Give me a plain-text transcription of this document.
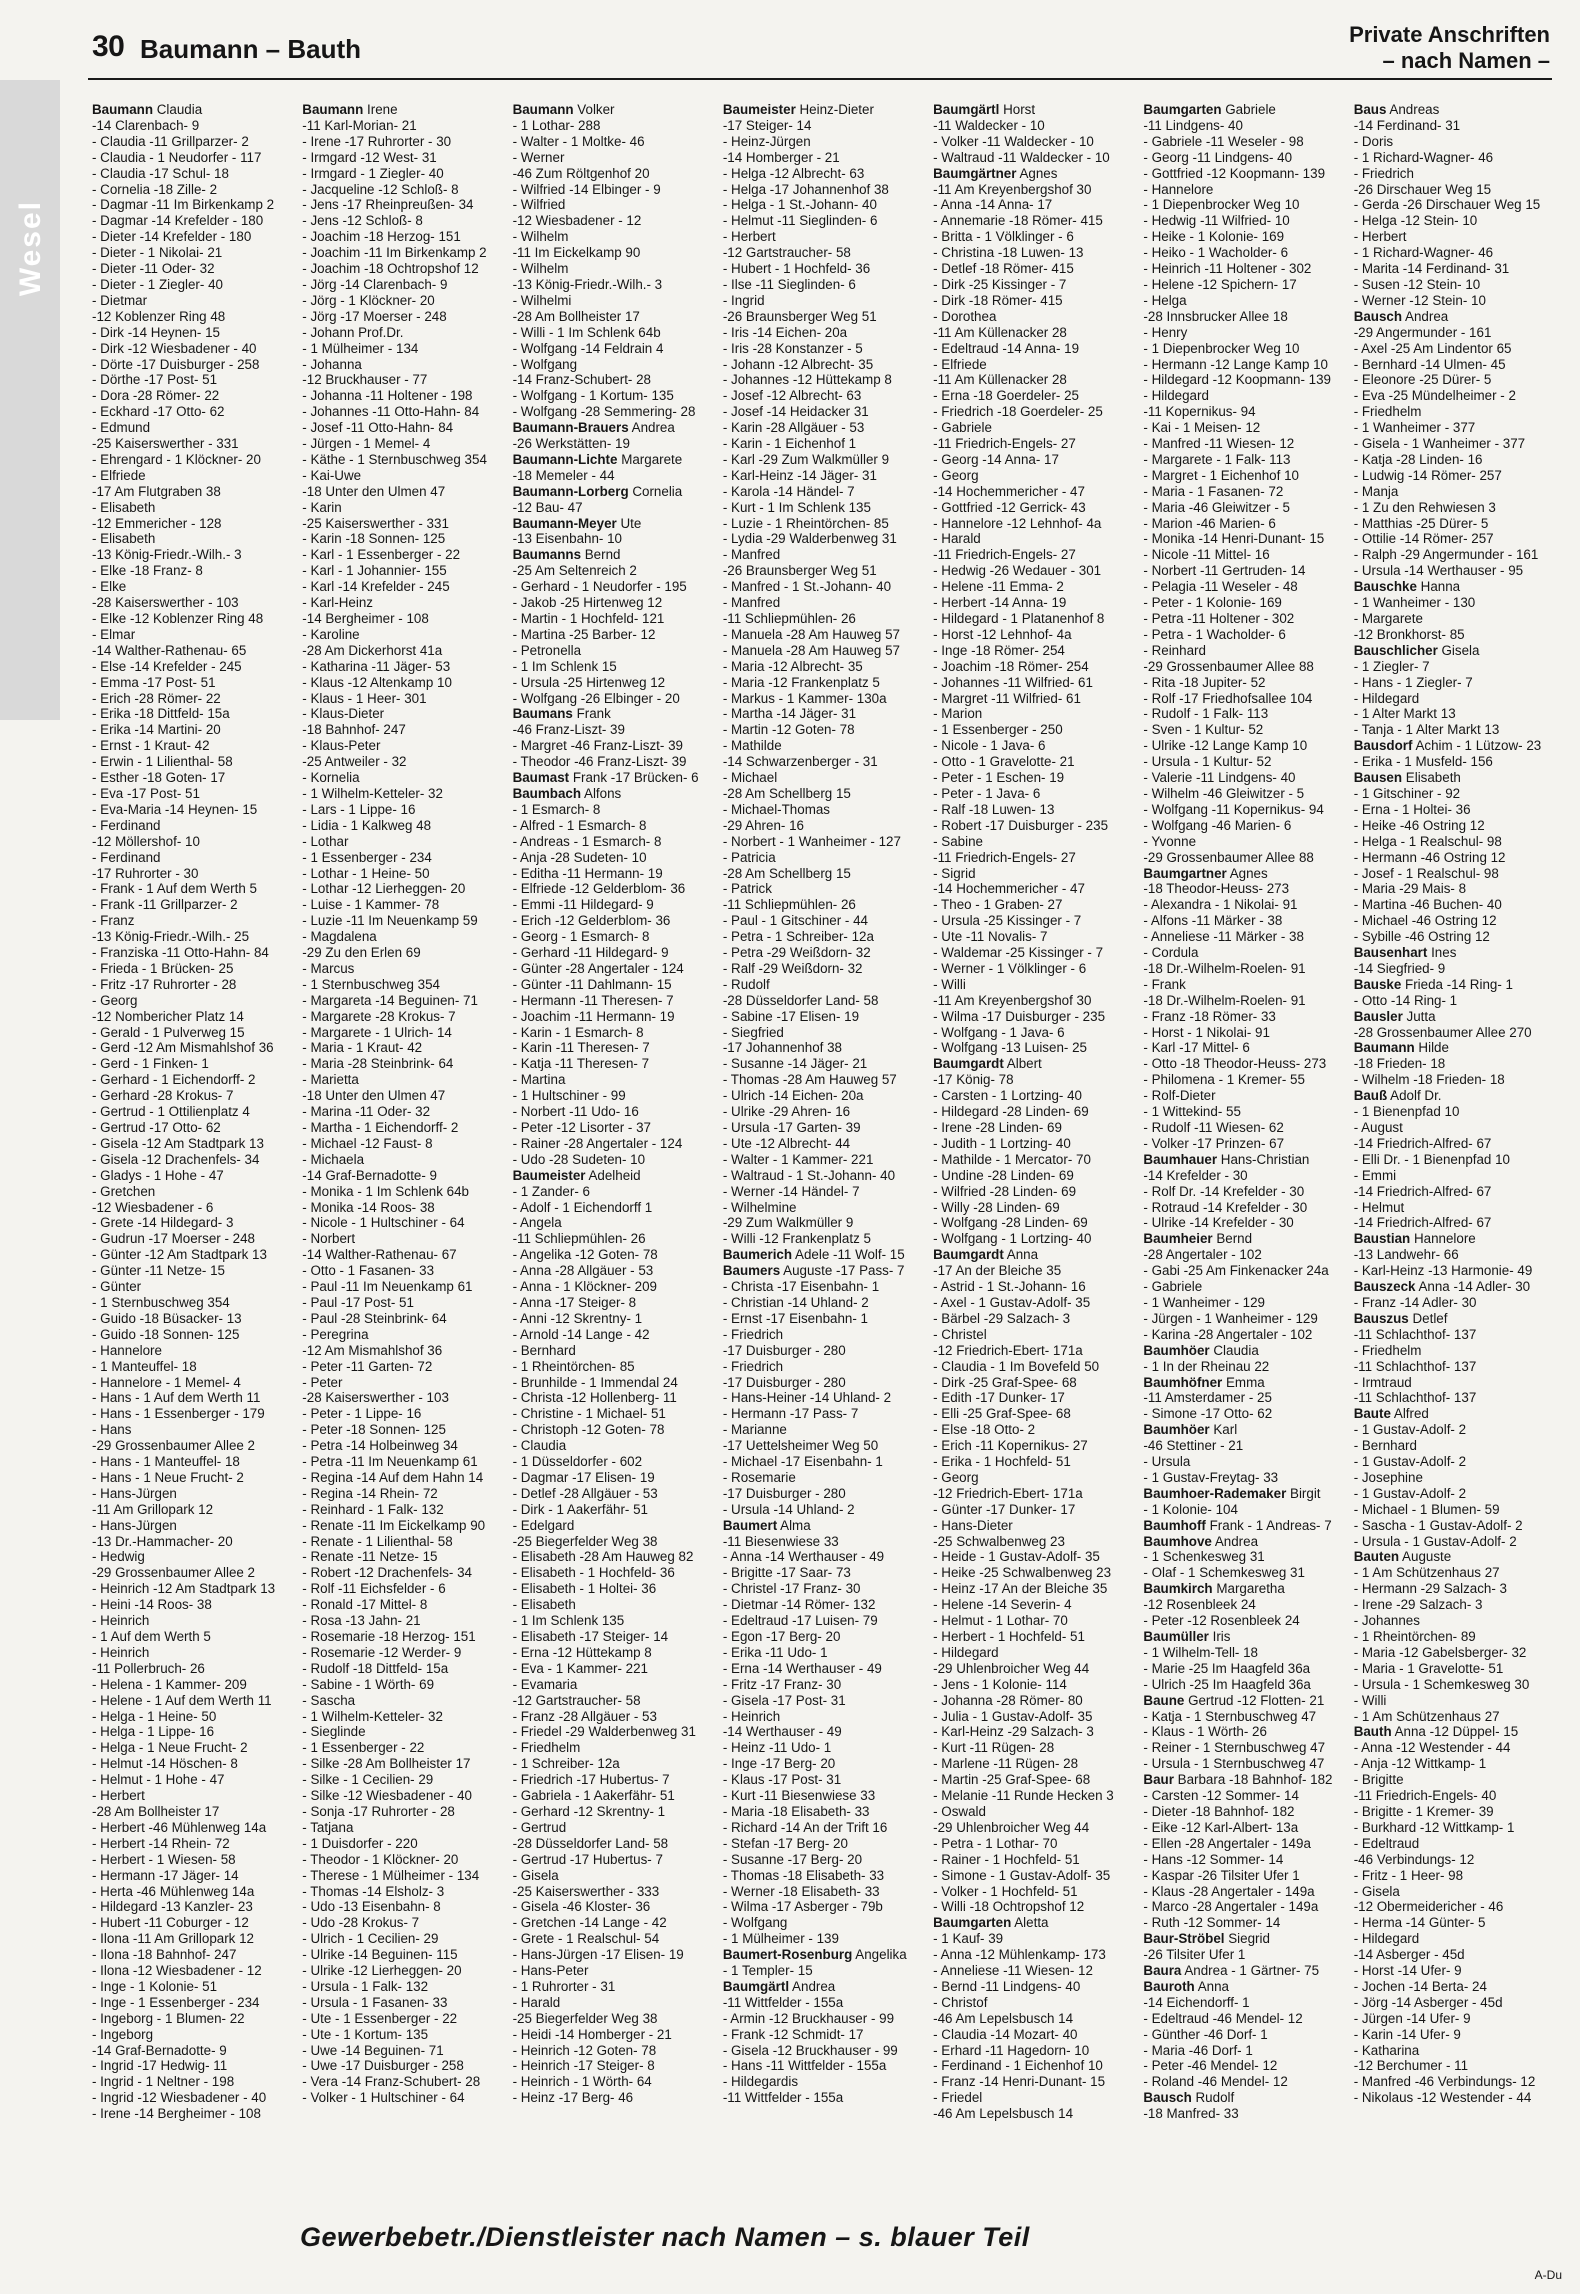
Wesel
30 Baumann – Bauth	Private Anschriften
– nach Namen –
Baumann Claudia
-14 Clarenbach- 9
- Claudia -11 Grillparzer- 2
- Claudia - 1 Neudorfer - 117
- Claudia -17 Schul- 18
- Cornelia -18 Zille- 2
- Dagmar -11 Im Birkenkamp 2
- Dagmar -14 Krefelder - 180
- Dieter -14 Krefelder - 180
- Dieter - 1 Nikolai- 21
- Dieter -11 Oder- 32
- Dieter - 1 Ziegler- 40
- Dietmar
-12 Koblenzer Ring 48
- Dirk -14 Heynen- 15
- Dirk -12 Wiesbadener - 40
- Dörte -17 Duisburger - 258
- Dörthe -17 Post- 51
- Dora -28 Römer- 22
- Eckhard -17 Otto- 62
- Edmund
-25 Kaiserswerther - 331
- Ehrengard - 1 Klöckner- 20
- Elfriede
-17 Am Flutgraben 38
- Elisabeth
-12 Emmericher - 128
- Elisabeth
-13 König-Friedr.-Wilh.- 3
- Elke -18 Franz- 8
- Elke
-28 Kaiserswerther - 103
- Elke -12 Koblenzer Ring 48
- Elmar
-14 Walther-Rathenau- 65
- Else -14 Krefelder - 245
- Emma -17 Post- 51
- Erich -28 Römer- 22
- Erika -18 Dittfeld- 15a
- Erika -14 Martini- 20
- Ernst - 1 Kraut- 42
- Erwin - 1 Lilienthal- 58
- Esther -18 Goten- 17
- Eva -17 Post- 51
- Eva-Maria -14 Heynen- 15
- Ferdinand
-12 Möllershof- 10
- Ferdinand
-17 Ruhrorter - 30
- Frank - 1 Auf dem Werth 5
- Frank -11 Grillparzer- 2
- Franz
-13 König-Friedr.-Wilh.- 25
- Franziska -11 Otto-Hahn- 84
- Frieda - 1 Brücken- 25
- Fritz -17 Ruhrorter - 28
- Georg
-12 Nombericher Platz 14
- Gerald - 1 Pulverweg 15
- Gerd -12 Am Mismahlshof 36
- Gerd - 1 Finken- 1
- Gerhard - 1 Eichendorff- 2
- Gerhard -28 Krokus- 7
- Gertrud - 1 Ottilienplatz 4
- Gertrud -17 Otto- 62
- Gisela -12 Am Stadtpark 13
- Gisela -12 Drachenfels- 34
- Gladys - 1 Hohe - 47
- Gretchen
-12 Wiesbadener - 6
- Grete -14 Hildegard- 3
- Gudrun -17 Moerser - 248
- Günter -12 Am Stadtpark 13
- Günter -11 Netze- 15
- Günter
- 1 Sternbuschweg 354
- Guido -18 Büsacker- 13
- Guido -18 Sonnen- 125
- Hannelore
- 1 Manteuffel- 18
- Hannelore - 1 Memel- 4
- Hans - 1 Auf dem Werth 11
- Hans - 1 Essenberger - 179
- Hans
-29 Grossenbaumer Allee 2
- Hans - 1 Manteuffel- 18
- Hans - 1 Neue Frucht- 2
- Hans-Jürgen
-11 Am Grillopark 12
- Hans-Jürgen
-13 Dr.-Hammacher- 20
- Hedwig
-29 Grossenbaumer Allee 2
- Heinrich -12 Am Stadtpark 13
- Heini -14 Roos- 38
- Heinrich
- 1 Auf dem Werth 5
- Heinrich
-11 Pollerbruch- 26
- Helena - 1 Kammer- 209
- Helene - 1 Auf dem Werth 11
- Helga - 1 Heine- 50
- Helga - 1 Lippe- 16
- Helga - 1 Neue Frucht- 2
- Helmut -14 Höschen- 8
- Helmut - 1 Hohe - 47
- Herbert
-28 Am Bollheister 17
- Herbert -46 Mühlenweg 14a
- Herbert -14 Rhein- 72
- Herbert - 1 Wiesen- 58
- Hermann -17 Jäger- 14
- Herta -46 Mühlenweg 14a
- Hildegard -13 Kanzler- 23
- Hubert -11 Coburger - 12
- Ilona -11 Am Grillopark 12
- Ilona -18 Bahnhof- 247
- Ilona -12 Wiesbadener - 12
- Inge - 1 Kolonie- 51
- Inge - 1 Essenberger - 234
- Ingeborg - 1 Blumen- 22
- Ingeborg
-14 Graf-Bernadotte- 9
- Ingrid -17 Hedwig- 11
- Ingrid - 1 Neltner - 198
- Ingrid -12 Wiesbadener - 40
- Irene -14 Bergheimer - 108
Baumann Irene
-11 Karl-Morian- 21
- Irene -17 Ruhrorter - 30
- Irmgard -12 West- 31
- Irmgard - 1 Ziegler- 40
- Jacqueline -12 Schloß- 8
- Jens -17 Rheinpreußen- 34
- Jens -12 Schloß- 8
- Joachim -18 Herzog- 151
- Joachim -11 Im Birkenkamp 2
- Joachim -18 Ochtropshof 12
- Jörg -14 Clarenbach- 9
- Jörg - 1 Klöckner- 20
- Jörg -17 Moerser - 248
- Johann Prof.Dr.
- 1 Mülheimer - 134
- Johanna
-12 Bruckhauser - 77
- Johanna -11 Holtener - 198
- Johannes -11 Otto-Hahn- 84
- Josef -11 Otto-Hahn- 84
- Jürgen - 1 Memel- 4
- Käthe - 1 Sternbuschweg 354
- Kai-Uwe
-18 Unter den Ulmen 47
- Karin
-25 Kaiserswerther - 331
- Karin -18 Sonnen- 125
- Karl - 1 Essenberger - 22
- Karl - 1 Johannier- 155
- Karl -14 Krefelder - 245
- Karl-Heinz
-14 Bergheimer - 108
- Karoline
-28 Am Dickerhorst 41a
- Katharina -11 Jäger- 53
- Klaus -12 Altenkamp 10
- Klaus - 1 Heer- 301
- Klaus-Dieter
-18 Bahnhof- 247
- Klaus-Peter
-25 Antweiler - 32
- Kornelia
- 1 Wilhelm-Ketteler- 32
- Lars - 1 Lippe- 16
- Lidia - 1 Kalkweg 48
- Lothar
- 1 Essenberger - 234
- Lothar - 1 Heine- 50
- Lothar -12 Lierheggen- 20
- Luise - 1 Kammer- 78
- Luzie -11 Im Neuenkamp 59
- Magdalena
-29 Zu den Erlen 69
- Marcus
- 1 Sternbuschweg 354
- Margareta -14 Beguinen- 71
- Margarete -28 Krokus- 7
- Margarete - 1 Ulrich- 14
- Maria - 1 Kraut- 42
- Maria -28 Steinbrink- 64
- Marietta
-18 Unter den Ulmen 47
- Marina -11 Oder- 32
- Martha - 1 Eichendorff- 2
- Michael -12 Faust- 8
- Michaela
-14 Graf-Bernadotte- 9
- Monika - 1 Im Schlenk 64b
- Monika -14 Roos- 38
- Nicole - 1 Hultschiner - 64
- Norbert
-14 Walther-Rathenau- 67
- Otto - 1 Fasanen- 33
- Paul -11 Im Neuenkamp 61
- Paul -17 Post- 51
- Paul -28 Steinbrink- 64
- Peregrina
-12 Am Mismahlshof 36
- Peter -11 Garten- 72
- Peter
-28 Kaiserswerther - 103
- Peter - 1 Lippe- 16
- Peter -18 Sonnen- 125
- Petra -14 Holbeinweg 34
- Petra -11 Im Neuenkamp 61
- Regina -14 Auf dem Hahn 14
- Regina -14 Rhein- 72
- Reinhard - 1 Falk- 132
- Renate -11 Im Eickelkamp 90
- Renate - 1 Lilienthal- 58
- Renate -11 Netze- 15
- Robert -12 Drachenfels- 34
- Rolf -11 Eichsfelder - 6
- Ronald -17 Mittel- 8
- Rosa -13 Jahn- 21
- Rosemarie -18 Herzog- 151
- Rosemarie -12 Werder- 9
- Rudolf -18 Dittfeld- 15a
- Sabine - 1 Wörth- 69
- Sascha
- 1 Wilhelm-Ketteler- 32
- Sieglinde
- 1 Essenberger - 22
- Silke -28 Am Bollheister 17
- Silke - 1 Cecilien- 29
- Silke -12 Wiesbadener - 40
- Sonja -17 Ruhrorter - 28
- Tatjana
- 1 Duisdorfer - 220
- Theodor - 1 Klöckner- 20
- Therese - 1 Mülheimer - 134
- Thomas -14 Elsholz- 3
- Udo -13 Eisenbahn- 8
- Udo -28 Krokus- 7
- Ulrich - 1 Cecilien- 29
- Ulrike -14 Beguinen- 115
- Ulrike -12 Lierheggen- 20
- Ursula - 1 Falk- 132
- Ursula - 1 Fasanen- 33
- Ute - 1 Essenberger - 22
- Ute - 1 Kortum- 135
- Uwe -14 Beguinen- 71
- Uwe -17 Duisburger - 258
- Vera -14 Franz-Schubert- 28
- Volker - 1 Hultschiner - 64
Baumann Volker
- 1 Lothar- 288
- Walter - 1 Moltke- 46
- Werner
-46 Zum Röltgenhof 20
- Wilfried -14 Elbinger - 9
- Wilfried
-12 Wiesbadener - 12
- Wilhelm
-11 Im Eickelkamp 90
- Wilhelm
-13 König-Friedr.-Wilh.- 3
- Wilhelmi
-28 Am Bollheister 17
- Willi - 1 Im Schlenk 64b
- Wolfgang -14 Feldrain 4
- Wolfgang
-14 Franz-Schubert- 28
- Wolfgang - 1 Kortum- 135
- Wolfgang -28 Semmering- 28
Baumann-Brauers Andrea
-26 Werkstätten- 19
Baumann-Lichte Margarete
-18 Memeler - 44
Baumann-Lorberg Cornelia
-12 Bau- 47
Baumann-Meyer Ute
-13 Eisenbahn- 10
Baumanns Bernd
-25 Am Seltenreich 2
- Gerhard - 1 Neudorfer - 195
- Jakob -25 Hirtenweg 12
- Martin - 1 Hochfeld- 121
- Martina -25 Barber- 12
- Petronella
- 1 Im Schlenk 15
- Ursula -25 Hirtenweg 12
- Wolfgang -26 Elbinger - 20
Baumans Frank
-46 Franz-Liszt- 39
- Margret -46 Franz-Liszt- 39
- Theodor -46 Franz-Liszt- 39
Baumast Frank -17 Brücken- 6
Baumbach Alfons
- 1 Esmarch- 8
- Alfred - 1 Esmarch- 8
- Andreas - 1 Esmarch- 8
- Anja -28 Sudeten- 10
- Editha -11 Hermann- 19
- Elfriede -12 Gelderblom- 36
- Emmi -11 Hildegard- 9
- Erich -12 Gelderblom- 36
- Georg - 1 Esmarch- 8
- Gerhard -11 Hildegard- 9
- Günter -28 Angertaler - 124
- Günter -11 Dahlmann- 15
- Hermann -11 Theresen- 7
- Joachim -11 Hermann- 19
- Karin - 1 Esmarch- 8
- Karin -11 Theresen- 7
- Katja -11 Theresen- 7
- Martina
- 1 Hultschiner - 99
- Norbert -11 Udo- 16
- Peter -12 Lisorter - 37
- Rainer -28 Angertaler - 124
- Udo -28 Sudeten- 10
Baumeister Adelheid
- 1 Zander- 6
- Adolf - 1 Eichendorff 1
- Angela
-11 Schliepmühlen- 26
- Angelika -12 Goten- 78
- Anna -28 Allgäuer - 53
- Anna - 1 Klöckner- 209
- Anna -17 Steiger- 8
- Anni -12 Skrentny- 1
- Arnold -14 Lange - 42
- Bernhard
- 1 Rheintörchen- 85
- Brunhilde - 1 Immendal 24
- Christa -12 Hollenberg- 11
- Christine - 1 Michael- 51
- Christoph -12 Goten- 78
- Claudia
- 1 Düsseldorfer - 602
- Dagmar -17 Elisen- 19
- Detlef -28 Allgäuer - 53
- Dirk - 1 Aakerfähr- 51
- Edelgard
-25 Biegerfelder Weg 38
- Elisabeth -28 Am Hauweg 82
- Elisabeth - 1 Hochfeld- 36
- Elisabeth - 1 Holtei- 36
- Elisabeth
- 1 Im Schlenk 135
- Elisabeth -17 Steiger- 14
- Erna -12 Hüttekamp 8
- Eva - 1 Kammer- 221
- Evamaria
-12 Gartstraucher- 58
- Franz -28 Allgäuer - 53
- Friedel -29 Walderbenweg 31
- Friedhelm
- 1 Schreiber- 12a
- Friedrich -17 Hubertus- 7
- Gabriela - 1 Aakerfähr- 51
- Gerhard -12 Skrentny- 1
- Gertrud
-28 Düsseldorfer Land- 58
- Gertrud -17 Hubertus- 7
- Gisela
-25 Kaiserswerther - 333
- Gisela -46 Kloster- 36
- Gretchen -14 Lange - 42
- Grete - 1 Realschul- 54
- Hans-Jürgen -17 Elisen- 19
- Hans-Peter
- 1 Ruhrorter - 31
- Harald
-25 Biegerfelder Weg 38
- Heidi -14 Homberger - 21
- Heinrich -12 Goten- 78
- Heinrich -17 Steiger- 8
- Heinrich - 1 Wörth- 64
- Heinz -17 Berg- 46
Baumeister Heinz-Dieter
-17 Steiger- 14
- Heinz-Jürgen
-14 Homberger - 21
- Helga -12 Albrecht- 63
- Helga -17 Johannenhof 38
- Helga - 1 St.-Johann- 40
- Helmut -11 Sieglinden- 6
- Herbert
-12 Gartstraucher- 58
- Hubert - 1 Hochfeld- 36
- Ilse -11 Sieglinden- 6
- Ingrid
-26 Braunsberger Weg 51
- Iris -14 Eichen- 20a
- Iris -28 Konstanzer - 5
- Johann -12 Albrecht- 35
- Johannes -12 Hüttekamp 8
- Josef -12 Albrecht- 63
- Josef -14 Heidacker 31
- Karin -28 Allgäuer - 53
- Karin - 1 Eichenhof 1
- Karl -29 Zum Walkmüller 9
- Karl-Heinz -14 Jäger- 31
- Karola -14 Händel- 7
- Kurt - 1 Im Schlenk 135
- Luzie - 1 Rheintörchen- 85
- Lydia -29 Walderbenweg 31
- Manfred
-26 Braunsberger Weg 51
- Manfred - 1 St.-Johann- 40
- Manfred
-11 Schliepmühlen- 26
- Manuela -28 Am Hauweg 57
- Manuela -28 Am Hauweg 57
- Maria -12 Albrecht- 35
- Maria -12 Frankenplatz 5
- Markus - 1 Kammer- 130a
- Martha -14 Jäger- 31
- Martin -12 Goten- 78
- Mathilde
-14 Schwarzenberger - 31
- Michael
-28 Am Schellberg 15
- Michael-Thomas
-29 Ahren- 16
- Norbert - 1 Wanheimer - 127
- Patricia
-28 Am Schellberg 15
- Patrick
-11 Schliepmühlen- 26
- Paul - 1 Gitschiner - 44
- Petra - 1 Schreiber- 12a
- Petra -29 Weißdorn- 32
- Ralf -29 Weißdorn- 32
- Rudolf
-28 Düsseldorfer Land- 58
- Sabine -17 Elisen- 19
- Siegfried
-17 Johannenhof 38
- Susanne -14 Jäger- 21
- Thomas -28 Am Hauweg 57
- Ulrich -14 Eichen- 20a
- Ulrike -29 Ahren- 16
- Ursula -17 Garten- 39
- Ute -12 Albrecht- 44
- Walter - 1 Kammer- 221
- Waltraud - 1 St.-Johann- 40
- Werner -14 Händel- 7
- Wilhelmine
-29 Zum Walkmüller 9
- Willi -12 Frankenplatz 5
Baumerich Adele -11 Wolf- 15
Baumers Auguste -17 Pass- 7
- Christa -17 Eisenbahn- 1
- Christian -14 Uhland- 2
- Ernst -17 Eisenbahn- 1
- Friedrich
-17 Duisburger - 280
- Friedrich
-17 Duisburger - 280
- Hans-Heiner -14 Uhland- 2
- Hermann -17 Pass- 7
- Marianne
-17 Uettelsheimer Weg 50
- Michael -17 Eisenbahn- 1
- Rosemarie
-17 Duisburger - 280
- Ursula -14 Uhland- 2
Baumert Alma
-11 Biesenwiese 33
- Anna -14 Werthauser - 49
- Brigitte -17 Saar- 73
- Christel -17 Franz- 30
- Dietmar -14 Römer- 132
- Edeltraud -17 Luisen- 79
- Egon -17 Berg- 20
- Erika -11 Udo- 1
- Erna -14 Werthauser - 49
- Fritz -17 Franz- 30
- Gisela -17 Post- 31
- Heinrich
-14 Werthauser - 49
- Heinz -11 Udo- 1
- Inge -17 Berg- 20
- Klaus -17 Post- 31
- Kurt -11 Biesenwiese 33
- Maria -18 Elisabeth- 33
- Richard -14 An der Trift 16
- Stefan -17 Berg- 20
- Susanne -17 Berg- 20
- Thomas -18 Elisabeth- 33
- Werner -18 Elisabeth- 33
- Wilma -17 Asberger - 79b
- Wolfgang
- 1 Mülheimer - 139
Baumert-Rosenburg Angelika
- 1 Templer- 15
Baumgärtl Andrea
-11 Wittfelder - 155a
- Armin -12 Bruckhauser - 99
- Frank -12 Schmidt- 17
- Gisela -12 Bruckhauser - 99
- Hans -11 Wittfelder - 155a
- Hildegardis
-11 Wittfelder - 155a
Baumgärtl Horst
-11 Waldecker - 10
- Volker -11 Waldecker - 10
- Waltraud -11 Waldecker - 10
Baumgärtner Agnes
-11 Am Kreyenbergshof 30
- Anna -14 Anna- 17
- Annemarie -18 Römer- 415
- Britta - 1 Völklinger - 6
- Christina -18 Luwen- 13
- Detlef -18 Römer- 415
- Dirk -25 Kissinger - 7
- Dirk -18 Römer- 415
- Dorothea
-11 Am Küllenacker 28
- Edeltraud -14 Anna- 19
- Elfriede
-11 Am Küllenacker 28
- Erna -18 Goerdeler- 25
- Friedrich -18 Goerdeler- 25
- Gabriele
-11 Friedrich-Engels- 27
- Georg -14 Anna- 17
- Georg
-14 Hochemmericher - 47
- Gottfried -12 Gerrick- 43
- Hannelore -12 Lehnhof- 4a
- Harald
-11 Friedrich-Engels- 27
- Hedwig -26 Wedauer - 301
- Helene -11 Emma- 2
- Herbert -14 Anna- 19
- Hildegard - 1 Platanenhof 8
- Horst -12 Lehnhof- 4a
- Inge -18 Römer- 254
- Joachim -18 Römer- 254
- Johannes -11 Wilfried- 61
- Margret -11 Wilfried- 61
- Marion
- 1 Essenberger - 250
- Nicole - 1 Java- 6
- Otto - 1 Gravelotte- 21
- Peter - 1 Eschen- 19
- Peter - 1 Java- 6
- Ralf -18 Luwen- 13
- Robert -17 Duisburger - 235
- Sabine
-11 Friedrich-Engels- 27
- Sigrid
-14 Hochemmericher - 47
- Theo - 1 Graben- 27
- Ursula -25 Kissinger - 7
- Ute -11 Novalis- 7
- Waldemar -25 Kissinger - 7
- Werner - 1 Völklinger - 6
- Willi
-11 Am Kreyenbergshof 30
- Wilma -17 Duisburger - 235
- Wolfgang - 1 Java- 6
- Wolfgang -13 Luisen- 25
Baumgardt Albert
-17 König- 78
- Carsten - 1 Lortzing- 40
- Hildegard -28 Linden- 69
- Irene -28 Linden- 69
- Judith - 1 Lortzing- 40
- Mathilde - 1 Mercator- 70
- Undine -28 Linden- 69
- Wilfried -28 Linden- 69
- Willy -28 Linden- 69
- Wolfgang -28 Linden- 69
- Wolfgang - 1 Lortzing- 40
Baumgardt Anna
-17 An der Bleiche 35
- Astrid - 1 St.-Johann- 16
- Axel - 1 Gustav-Adolf- 35
- Bärbel -29 Salzach- 3
- Christel
-12 Friedrich-Ebert- 171a
- Claudia - 1 Im Bovefeld 50
- Dirk -25 Graf-Spee- 68
- Edith -17 Dunker- 17
- Elli -25 Graf-Spee- 68
- Else -18 Otto- 2
- Erich -11 Kopernikus- 27
- Erika - 1 Hochfeld- 51
- Georg
-12 Friedrich-Ebert- 171a
- Günter -17 Dunker- 17
- Hans-Dieter
-25 Schwalbenweg 23
- Heide - 1 Gustav-Adolf- 35
- Heike -25 Schwalbenweg 23
- Heinz -17 An der Bleiche 35
- Helene -14 Severin- 4
- Helmut - 1 Lothar- 70
- Herbert - 1 Hochfeld- 51
- Hildegard
-29 Uhlenbroicher Weg 44
- Jens - 1 Kolonie- 114
- Johanna -28 Römer- 80
- Julia - 1 Gustav-Adolf- 35
- Karl-Heinz -29 Salzach- 3
- Kurt -11 Rügen- 28
- Marlene -11 Rügen- 28
- Martin -25 Graf-Spee- 68
- Melanie -11 Runde Hecken 3
- Oswald
-29 Uhlenbroicher Weg 44
- Petra - 1 Lothar- 70
- Rainer - 1 Hochfeld- 51
- Simone - 1 Gustav-Adolf- 35
- Volker - 1 Hochfeld- 51
- Willi -18 Ochtropshof 12
Baumgarten Aletta
- 1 Kauf- 39
- Anna -12 Mühlenkamp- 173
- Anneliese -11 Wiesen- 12
- Bernd -11 Lindgens- 40
- Christof
-46 Am Lepelsbusch 14
- Claudia -14 Mozart- 40
- Erhard -11 Hagedorn- 10
- Ferdinand - 1 Eichenhof 10
- Franz -14 Henri-Dunant- 15
- Friedel
-46 Am Lepelsbusch 14
Baumgarten Gabriele
-11 Lindgens- 40
- Gabriele -11 Weseler - 98
- Georg -11 Lindgens- 40
- Gottfried -12 Koopmann- 139
- Hannelore
- 1 Diepenbrocker Weg 10
- Hedwig -11 Wilfried- 10
- Heike - 1 Kolonie- 169
- Heiko - 1 Wacholder- 6
- Heinrich -11 Holtener - 302
- Helene -12 Spichern- 17
- Helga
-28 Innsbrucker Allee 18
- Henry
- 1 Diepenbrocker Weg 10
- Hermann -12 Lange Kamp 10
- Hildegard -12 Koopmann- 139
- Hildegard
-11 Kopernikus- 94
- Kai - 1 Meisen- 12
- Manfred -11 Wiesen- 12
- Margarete - 1 Falk- 113
- Margret - 1 Eichenhof 10
- Maria - 1 Fasanen- 72
- Maria -46 Gleiwitzer - 5
- Marion -46 Marien- 6
- Monika -14 Henri-Dunant- 15
- Nicole -11 Mittel- 16
- Norbert -11 Gertruden- 14
- Pelagia -11 Weseler - 48
- Peter - 1 Kolonie- 169
- Petra -11 Holtener - 302
- Petra - 1 Wacholder- 6
- Reinhard
-29 Grossenbaumer Allee 88
- Rita -18 Jupiter- 52
- Rolf -17 Friedhofsallee 104
- Rudolf - 1 Falk- 113
- Sven - 1 Kultur- 52
- Ulrike -12 Lange Kamp 10
- Ursula - 1 Kultur- 52
- Valerie -11 Lindgens- 40
- Wilhelm -46 Gleiwitzer - 5
- Wolfgang -11 Kopernikus- 94
- Wolfgang -46 Marien- 6
- Yvonne
-29 Grossenbaumer Allee 88
Baumgartner Agnes
-18 Theodor-Heuss- 273
- Alexandra - 1 Nikolai- 91
- Alfons -11 Märker - 38
- Anneliese -11 Märker - 38
- Cordula
-18 Dr.-Wilhelm-Roelen- 91
- Frank
-18 Dr.-Wilhelm-Roelen- 91
- Franz -18 Römer- 33
- Horst - 1 Nikolai- 91
- Karl -17 Mittel- 6
- Otto -18 Theodor-Heuss- 273
- Philomena - 1 Kremer- 55
- Rolf-Dieter
- 1 Wittekind- 55
- Rudolf -11 Wiesen- 62
- Volker -17 Prinzen- 67
Baumhauer Hans-Christian
-14 Krefelder - 30
- Rolf Dr. -14 Krefelder - 30
- Rotraud -14 Krefelder - 30
- Ulrike -14 Krefelder - 30
Baumheier Bernd
-28 Angertaler - 102
- Gabi -25 Am Finkenacker 24a
- Gabriele
- 1 Wanheimer - 129
- Jürgen - 1 Wanheimer - 129
- Karina -28 Angertaler - 102
Baumhöer Claudia
- 1 In der Rheinau 22
Baumhöfner Emma
-11 Amsterdamer - 25
- Simone -17 Otto- 62
Baumhöer Karl
-46 Stettiner - 21
- Ursula
- 1 Gustav-Freytag- 33
Baumhoer-Rademaker Birgit
- 1 Kolonie- 104
Baumhoff Frank - 1 Andreas- 7
Baumhove Andrea
- 1 Schenkesweg 31
- Olaf - 1 Schemkesweg 31
Baumkirch Margaretha
-12 Rosenbleek 24
- Peter -12 Rosenbleek 24
Baumüller Iris
- 1 Wilhelm-Tell- 18
- Marie -25 Im Haagfeld 36a
- Ulrich -25 Im Haagfeld 36a
Baune Gertrud -12 Flotten- 21
- Katja - 1 Sternbuschweg 47
- Klaus - 1 Wörth- 26
- Reiner - 1 Sternbuschweg 47
- Ursula - 1 Sternbuschweg 47
Baur Barbara -18 Bahnhof- 182
- Carsten -12 Sommer- 14
- Dieter -18 Bahnhof- 182
- Eike -12 Karl-Albert- 13a
- Ellen -28 Angertaler - 149a
- Hans -12 Sommer- 14
- Kaspar -26 Tilsiter Ufer 1
- Klaus -28 Angertaler - 149a
- Marco -28 Angertaler - 149a
- Ruth -12 Sommer- 14
Baur-Ströbel Siegrid
-26 Tilsiter Ufer 1
Baura Andrea - 1 Gärtner- 75
Bauroth Anna
-14 Eichendorff- 1
- Edeltraud -46 Mendel- 12
- Günther -46 Dorf- 1
- Maria -46 Dorf- 1
- Peter -46 Mendel- 12
- Roland -46 Mendel- 12
Bausch Rudolf
-18 Manfred- 33
Baus Andreas
-14 Ferdinand- 31
- Doris
- 1 Richard-Wagner- 46
- Friedrich
-26 Dirschauer Weg 15
- Gerda -26 Dirschauer Weg 15
- Helga -12 Stein- 10
- Herbert
- 1 Richard-Wagner- 46
- Marita -14 Ferdinand- 31
- Susen -12 Stein- 10
- Werner -12 Stein- 10
Bausch Andrea
-29 Angermunder - 161
- Axel -25 Am Lindentor 65
- Bernhard -14 Ulmen- 45
- Eleonore -25 Dürer- 5
- Eva -25 Mündelheimer - 2
- Friedhelm
- 1 Wanheimer - 377
- Gisela - 1 Wanheimer - 377
- Katja -28 Linden- 16
- Ludwig -14 Römer- 257
- Manja
- 1 Zu den Rehwiesen 3
- Matthias -25 Dürer- 5
- Ottilie -14 Römer- 257
- Ralph -29 Angermunder - 161
- Ursula -14 Werthauser - 95
Bauschke Hanna
- 1 Wanheimer - 130
- Margarete
-12 Bronkhorst- 85
Bauschlicher Gisela
- 1 Ziegler- 7
- Hans - 1 Ziegler- 7
- Hildegard
- 1 Alter Markt 13
- Tanja - 1 Alter Markt 13
Bausdorf Achim - 1 Lützow- 23
- Erika - 1 Musfeld- 156
Bausen Elisabeth
- 1 Gitschiner - 92
- Erna - 1 Holtei- 36
- Heike -46 Ostring 12
- Helga - 1 Realschul- 98
- Hermann -46 Ostring 12
- Josef - 1 Realschul- 98
- Maria -29 Mais- 8
- Martina -46 Buchen- 40
- Michael -46 Ostring 12
- Sybille -46 Ostring 12
Bausenhart Ines
-14 Siegfried- 9
Bauske Frieda -14 Ring- 1
- Otto -14 Ring- 1
Bausler Jutta
-28 Grossenbaumer Allee 270
Baumann Hilde
-18 Frieden- 18
- Wilhelm -18 Frieden- 18
Bauß Adolf Dr.
- 1 Bienenpfad 10
- August
-14 Friedrich-Alfred- 67
- Elli Dr. - 1 Bienenpfad 10
- Emmi
-14 Friedrich-Alfred- 67
- Helmut
-14 Friedrich-Alfred- 67
Baustian Hannelore
-13 Landwehr- 66
- Karl-Heinz -13 Harmonie- 49
Bauszeck Anna -14 Adler- 30
- Franz -14 Adler- 30
Bauszus Detlef
-11 Schlachthof- 137
- Friedhelm
-11 Schlachthof- 137
- Irmtraud
-11 Schlachthof- 137
Baute Alfred
- 1 Gustav-Adolf- 2
- Bernhard
- 1 Gustav-Adolf- 2
- Josephine
- 1 Gustav-Adolf- 2
- Michael - 1 Blumen- 59
- Sascha - 1 Gustav-Adolf- 2
- Ursula - 1 Gustav-Adolf- 2
Bauten Auguste
- 1 Am Schützenhaus 27
- Hermann -29 Salzach- 3
- Irene -29 Salzach- 3
- Johannes
- 1 Rheintörchen- 89
- Maria -12 Gabelsberger- 32
- Maria - 1 Gravelotte- 51
- Ursula - 1 Schemkesweg 30
- Willi
- 1 Am Schützenhaus 27
Bauth Anna -12 Düppel- 15
- Anna -12 Westender - 44
- Anja -12 Wittkamp- 1
- Brigitte
-11 Friedrich-Engels- 40
- Brigitte - 1 Kremer- 39
- Burkhard -12 Wittkamp- 1
- Edeltraud
-46 Verbindungs- 12
- Fritz - 1 Heer- 98
- Gisela
-12 Obermeidericher - 46
- Herma -14 Günter- 5
- Hildegard
-14 Asberger - 45d
- Horst -14 Ufer- 9
- Jochen -14 Berta- 24
- Jörg -14 Asberger - 45d
- Jürgen -14 Ufer- 9
- Karin -14 Ufer- 9
- Katharina
-12 Berchumer - 11
- Manfred -46 Verbindungs- 12
- Nikolaus -12 Westender - 44
Gewerbebetr./Dienstleister nach Namen – s. blauer Teil
A-Du
